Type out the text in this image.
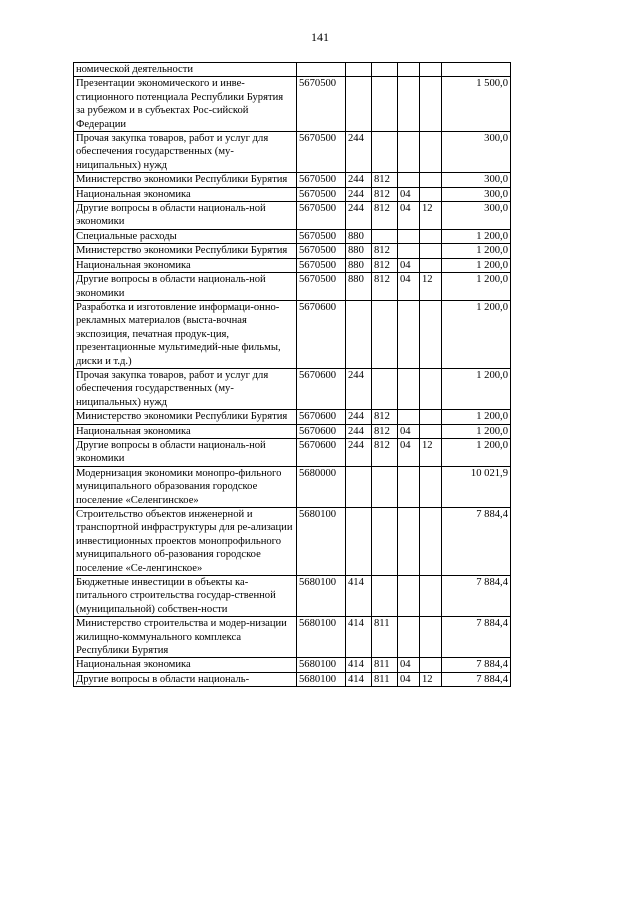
141
номической деятельности						
Презентации экономического и инве-стиционного потенциала Республики Бурятия за рубежом и в субъектах Рос-сийской Федерации	5670500					1 500,0
Прочая закупка товаров, работ и услуг для обеспечения государственных (му-ниципальных) нужд	5670500	244				300,0
Министерство экономики Республики Бурятия	5670500	244	812			300,0
Национальная экономика	5670500	244	812	04		300,0
Другие вопросы в области националь-ной экономики	5670500	244	812	04	12	300,0
Специальные расходы	5670500	880				1 200,0
Министерство экономики Республики Бурятия	5670500	880	812			1 200,0
Национальная экономика	5670500	880	812	04		1 200,0
Другие вопросы в области националь-ной экономики	5670500	880	812	04	12	1 200,0
Разработка и изготовление информаци-онно-рекламных материалов (выста-вочная экспозиция, печатная продук-ция, презентационные мультимедий-ные фильмы, диски и т.д.)	5670600					1 200,0
Прочая закупка товаров, работ и услуг для обеспечения государственных (му-ниципальных) нужд	5670600	244				1 200,0
Министерство экономики Республики Бурятия	5670600	244	812			1 200,0
Национальная экономика	5670600	244	812	04		1 200,0
Другие вопросы в области националь-ной экономики	5670600	244	812	04	12	1 200,0
Модернизация экономики монопро-фильного муниципального образования городское поселение «Селенгинское»	5680000					10 021,9
Строительство объектов инженерной и транспортной инфраструктуры для ре-ализации инвестиционных проектов монопрофильного муниципального об-разования городское поселение «Се-ленгинское»	5680100					7 884,4
Бюджетные инвестиции в объекты ка-питального строительства государ-ственной (муниципальной) собствен-ности	5680100	414				7 884,4
Министерство строительства и модер-низации жилищно-коммунального комплекса Республики Бурятия	5680100	414	811			7 884,4
Национальная экономика	5680100	414	811	04		7 884,4
Другие вопросы в области националь-	5680100	414	811	04	12	7 884,4
